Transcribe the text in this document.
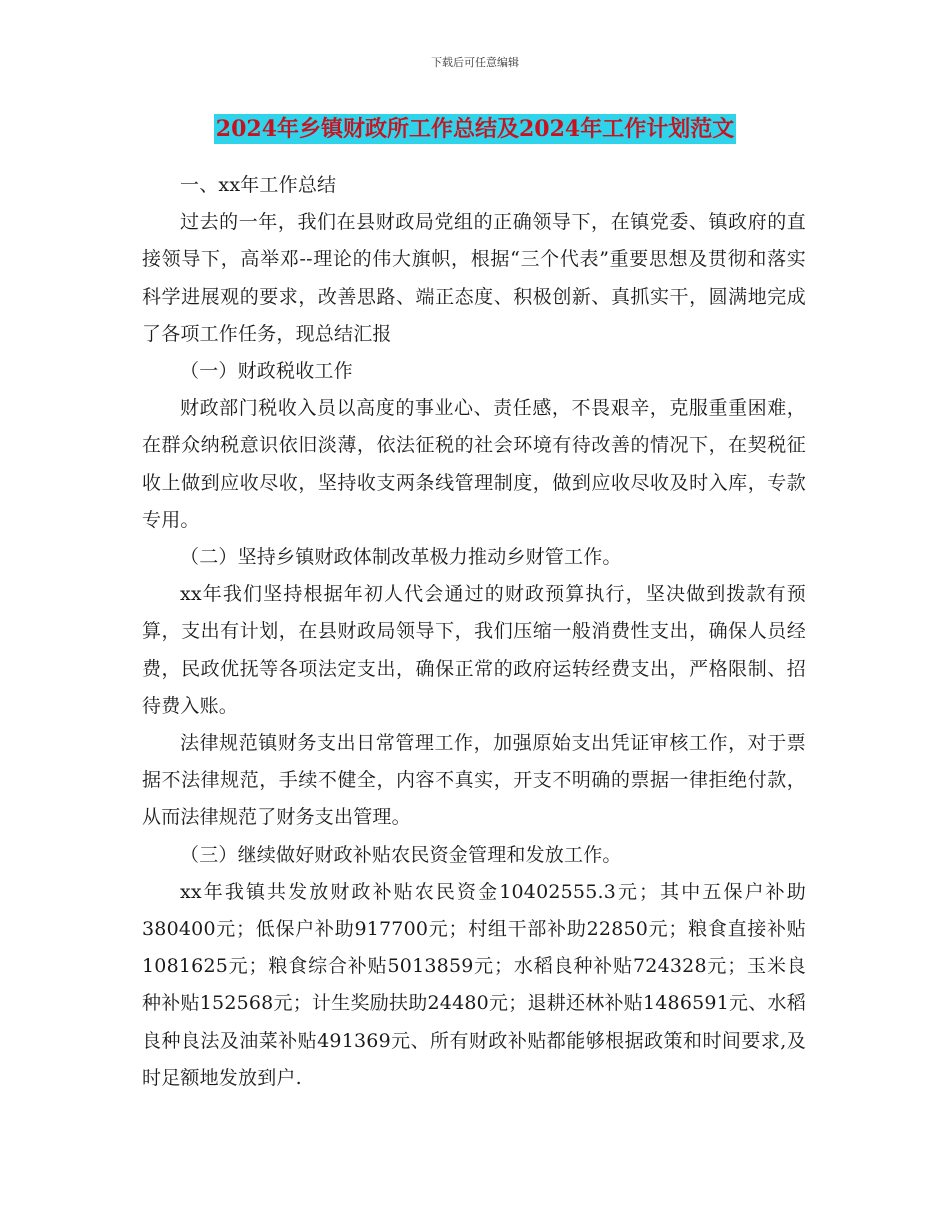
下载后可任意编辑
2024年乡镇财政所工作总结及2024年工作计划范文

一、xx年工作总结

过去的一年，我们在县财政局党组的正确领导下，在镇党委、镇政府的直接领导下，高举邓--理论的伟大旗帜，根据“三个代表”重要思想及贯彻和落实科学进展观的要求，改善思路、端正态度、积极创新、真抓实干，圆满地完成了各项工作任务，现总结汇报

（一）财政税收工作

财政部门税收入员以高度的事业心、责任感，不畏艰辛，克服重重困难，在群众纳税意识依旧淡薄，依法征税的社会环境有待改善的情况下，在契税征收上做到应收尽收，坚持收支两条线管理制度，做到应收尽收及时入库，专款专用。

（二）坚持乡镇财政体制改革极力推动乡财管工作。

xx年我们坚持根据年初人代会通过的财政预算执行，坚决做到拨款有预算，支出有计划，在县财政局领导下，我们压缩一般消费性支出，确保人员经费，民政优抚等各项法定支出，确保正常的政府运转经费支出，严格限制、招待费入账。

法律规范镇财务支出日常管理工作，加强原始支出凭证审核工作，对于票据不法律规范，手续不健全，内容不真实，开支不明确的票据一律拒绝付款，从而法律规范了财务支出管理。

（三）继续做好财政补贴农民资金管理和发放工作。

xx年我镇共发放财政补贴农民资金10402555.3元；其中五保户补助380400元；低保户补助917700元；村组干部补助22850元；粮食直接补贴1081625元；粮食综合补贴5013859元；水稻良种补贴724328元；玉米良种补贴152568元；计生奖励扶助24480元；退耕还林补贴1486591元、水稻良种良法及油菜补贴491369元、所有财政补贴都能够根据政策和时间要求,及时足额地发放到户.
